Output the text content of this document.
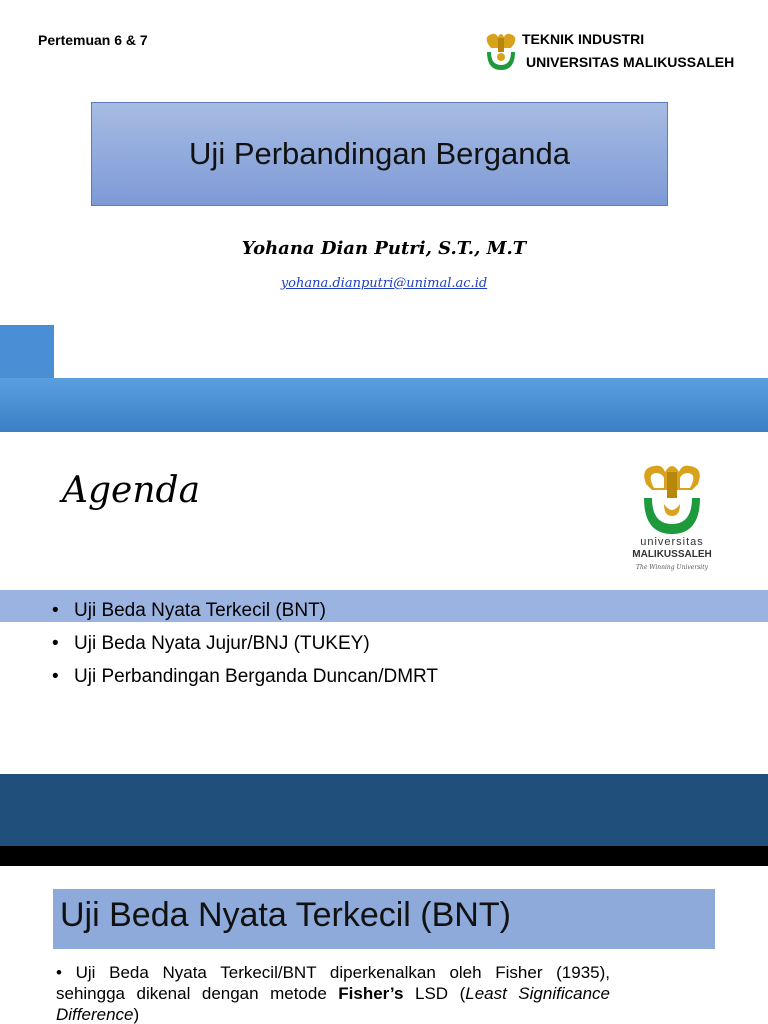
Pertemuan 6 & 7	TEKNIK INDUSTRI
UNIVERSITAS MALIKUSSALEH
Uji Perbandingan Berganda
Yohana Dian Putri, S.T., M.T
yohana.dianputri@unimal.ac.id
Agenda
universitas
MALIKUSSALEH
The Winning University
• Uji Beda Nyata Terkecil (BNT)
• Uji Beda Nyata Jujur/BNJ (TUKEY)
• Uji Perbandingan Berganda Duncan/DMRT
Uji Beda Nyata Terkecil (BNT)
• Uji Beda Nyata Terkecil/BNT diperkenalkan oleh Fisher (1935), sehingga dikenal dengan metode Fisher’s LSD (Least Significance Difference)
